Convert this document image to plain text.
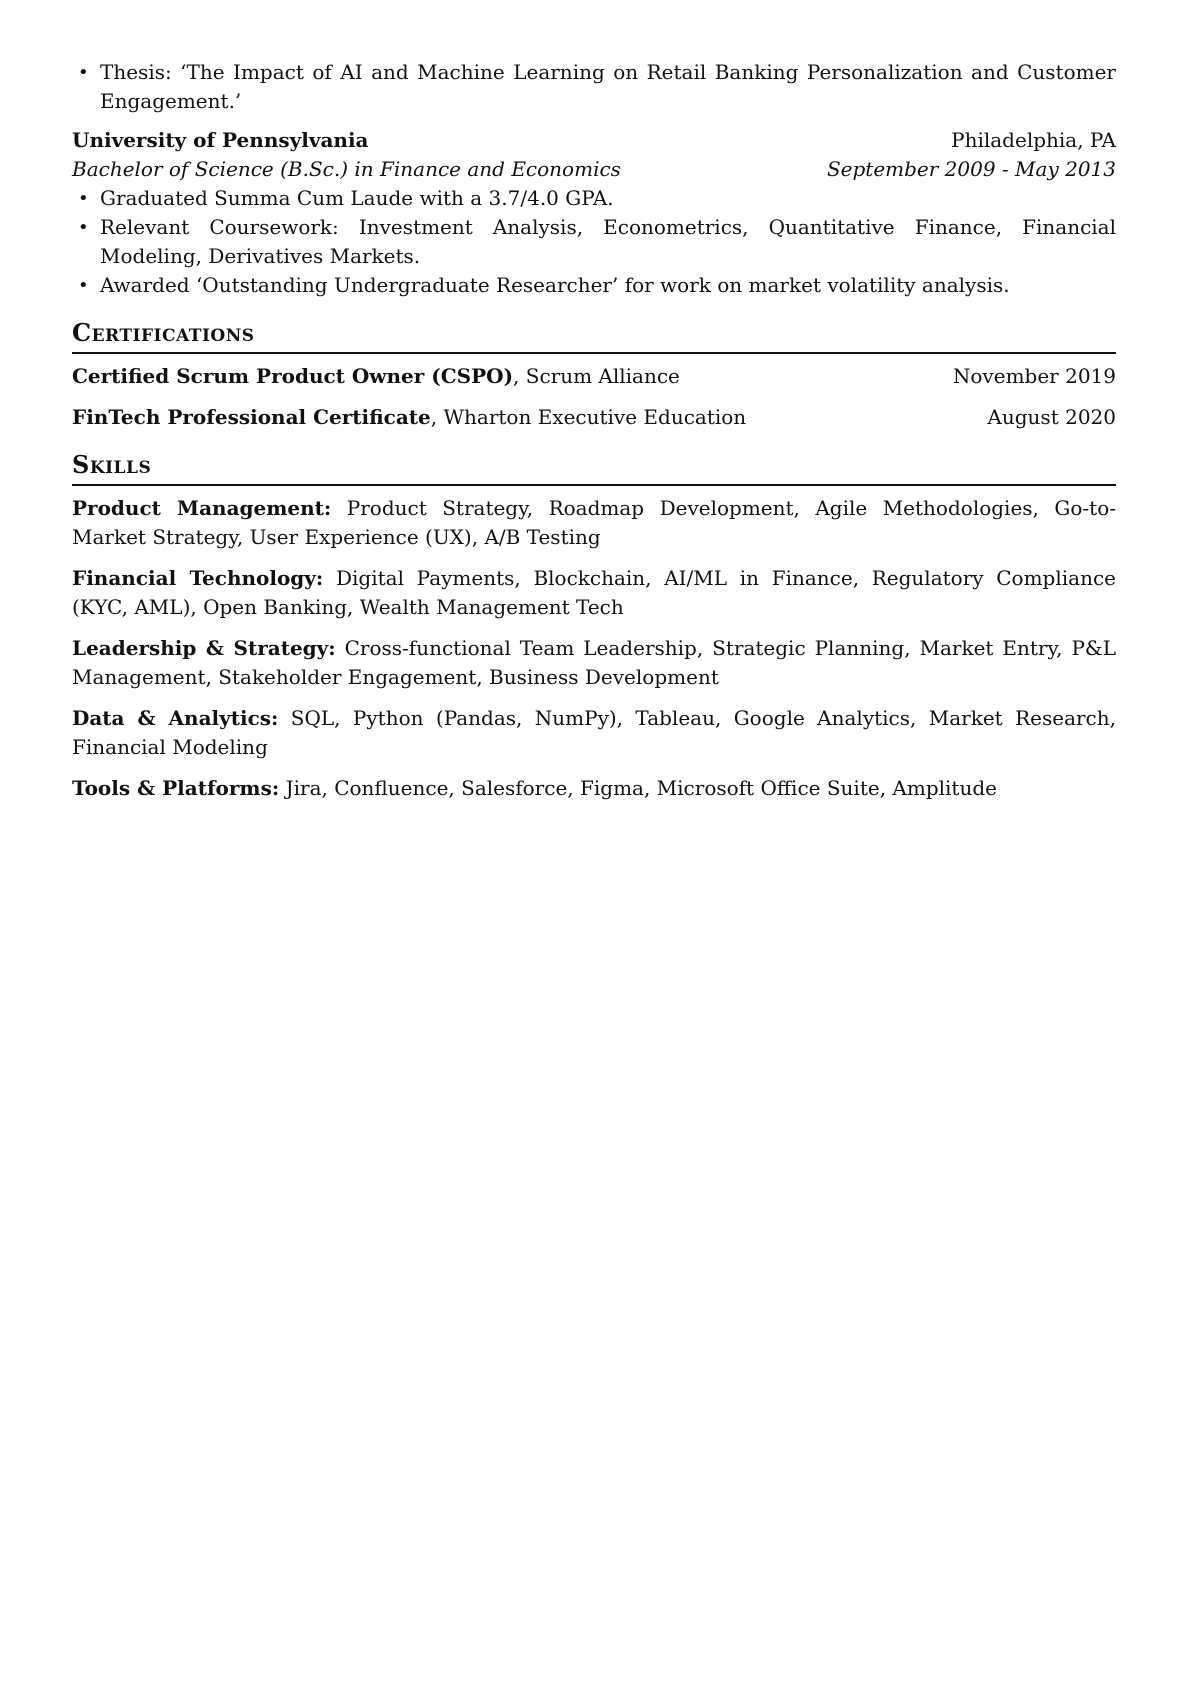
• Thesis: ‘The Impact of AI and Machine Learning on Retail Banking Personalization and Customer Engagement.’
University of Pennsylvania	Philadelphia, PA
Bachelor of Science (B.Sc.) in Finance and Economics	September 2009 - May 2013
• Graduated Summa Cum Laude with a 3.7/4.0 GPA.
• Relevant Coursework: Investment Analysis, Econometrics, Quantitative Finance, Financial Modeling, Derivatives Markets.
• Awarded ‘Outstanding Undergraduate Researcher’ for work on market volatility analysis.
Certifications
Certified Scrum Product Owner (CSPO), Scrum Alliance	November 2019
FinTech Professional Certificate, Wharton Executive Education	August 2020
Skills

Product Management: Product Strategy, Roadmap Development, Agile Methodologies, Go-to-Market Strategy, User Experience (UX), A/B Testing

Financial Technology: Digital Payments, Blockchain, AI/ML in Finance, Regulatory Compliance (KYC, AML), Open Banking, Wealth Management Tech

Leadership & Strategy: Cross-functional Team Leadership, Strategic Planning, Market Entry, P&L Management, Stakeholder Engagement, Business Development

Data & Analytics: SQL, Python (Pandas, NumPy), Tableau, Google Analytics, Market Research, Financial Modeling

Tools & Platforms: Jira, Confluence, Salesforce, Figma, Microsoft Office Suite, Amplitude
